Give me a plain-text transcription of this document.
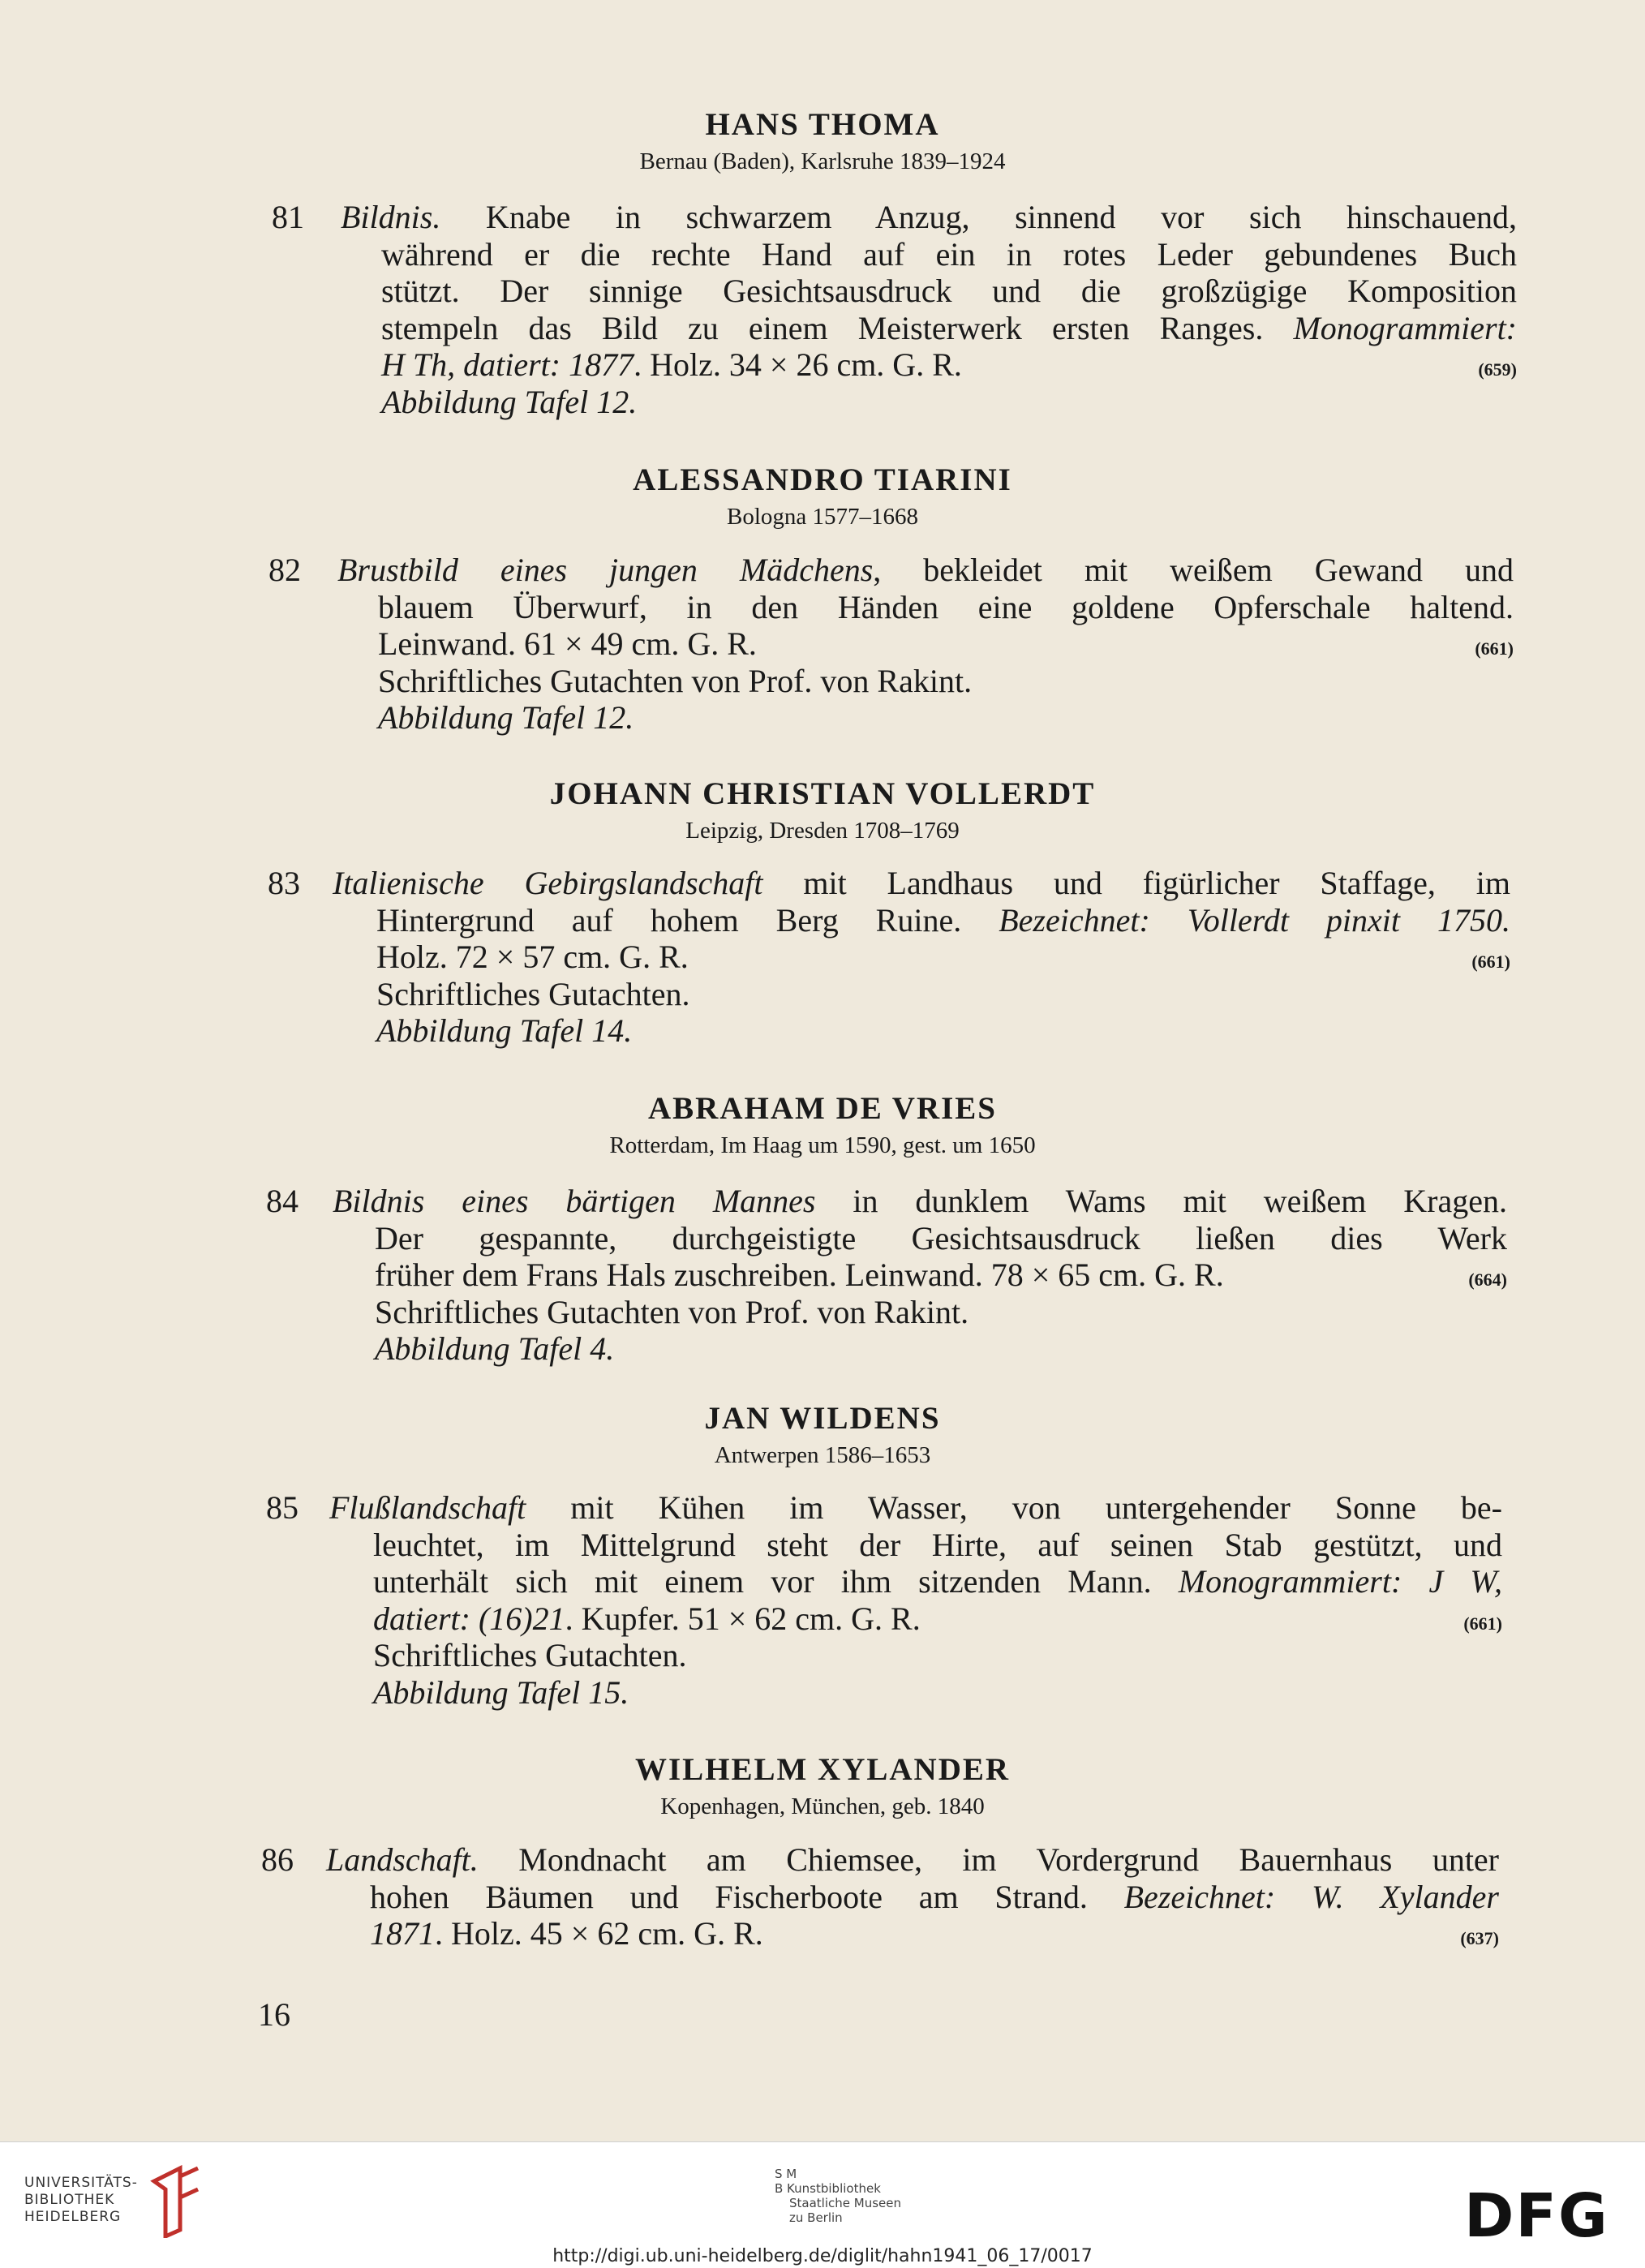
HANS THOMA
Bernau (Baden), Karlsruhe 1839–1924
81 Bildnis. Knabe in schwarzem Anzug, sinnend vor sich hinschauend,
während er die rechte Hand auf ein in rotes Leder gebundenes Buch
stützt. Der sinnige Gesichtsausdruck und die großzügige Komposition
stempeln das Bild zu einem Meisterwerk ersten Ranges. Monogrammiert:
H Th, datiert: 1877. Holz. 34 × 26 cm. G. R.	(659)
Abbildung Tafel 12.
ALESSANDRO TIARINI
Bologna 1577–1668
82 Brustbild eines jungen Mädchens, bekleidet mit weißem Gewand und
blauem Überwurf, in den Händen eine goldene Opferschale haltend.
Leinwand. 61 × 49 cm. G. R.	(661)
Schriftliches Gutachten von Prof. von Rakint.
Abbildung Tafel 12.
JOHANN CHRISTIAN VOLLERDT
Leipzig, Dresden 1708–1769
83 Italienische Gebirgslandschaft mit Landhaus und figürlicher Staffage, im
Hintergrund auf hohem Berg Ruine. Bezeichnet: Vollerdt pinxit 1750.
Holz. 72 × 57 cm. G. R.	(661)
Schriftliches Gutachten.
Abbildung Tafel 14.
ABRAHAM DE VRIES
Rotterdam, Im Haag um 1590, gest. um 1650
84 Bildnis eines bärtigen Mannes in dunklem Wams mit weißem Kragen.
Der gespannte, durchgeistigte Gesichtsausdruck ließen dies Werk
früher dem Frans Hals zuschreiben. Leinwand. 78 × 65 cm. G. R.	(664)
Schriftliches Gutachten von Prof. von Rakint.
Abbildung Tafel 4.
JAN WILDENS
Antwerpen 1586–1653
85 Flußlandschaft mit Kühen im Wasser, von untergehender Sonne be-
leuchtet, im Mittelgrund steht der Hirte, auf seinen Stab gestützt, und
unterhält sich mit einem vor ihm sitzenden Mann. Monogrammiert: J W,
datiert: (16)21. Kupfer. 51 × 62 cm. G. R.	(661)
Schriftliches Gutachten.
Abbildung Tafel 15.
WILHELM XYLANDER
Kopenhagen, München, geb. 1840
86 Landschaft. Mondnacht am Chiemsee, im Vordergrund Bauernhaus unter
hohen Bäumen und Fischerboote am Strand. Bezeichnet: W. Xylander
1871. Holz. 45 × 62 cm. G. R.	(637)
16
UNIVERSITÄTS-
BIBLIOTHEK
HEIDELBERG
S M
B Kunstbibliothek
Staatliche Museen
zu Berlin	DFG
http://digi.ub.uni-heidelberg.de/diglit/hahn1941_06_17/0017
